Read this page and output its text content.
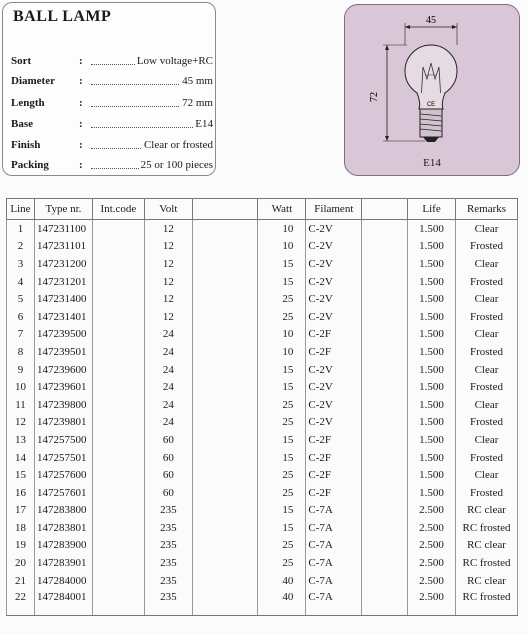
BALL LAMP
Sort	:	Low voltage+RC
Diameter :	45 mm
Length	:	72 mm
Base	:	E14
Finish	:	Clear or frosted
Packing	:	25 or 100 pieces
45
72
CE
E14
Line	Type nr.	Int.code	Volt		Watt	Filament		Life	Remarks
1	147231100		12		10	C-2V		1.500	Clear
2	147231101		12		10	C-2V		1.500	Frosted
3	147231200		12		15	C-2V		1.500	Clear
4	147231201		12		15	C-2V		1.500	Frosted
5	147231400		12		25	C-2V		1.500	Clear
6	147231401		12		25	C-2V		1.500	Frosted
7	147239500		24		10	C-2F		1.500	Clear
8	147239501		24		10	C-2F		1.500	Frosted
9	147239600		24		15	C-2V		1.500	Clear
10	147239601		24		15	C-2V		1.500	Frosted
11	147239800		24		25	C-2V		1.500	Clear
12	147239801		24		25	C-2V		1.500	Frosted
13	147257500		60		15	C-2F		1.500	Clear
14	147257501		60		15	C-2F		1.500	Frosted
15	147257600		60		25	C-2F		1.500	Clear
16	147257601		60		25	C-2F		1.500	Frosted
17	147283800		235		15	C-7A		2.500	RC clear
18	147283801		235		15	C-7A		2.500	RC frosted
19	147283900		235		25	C-7A		2.500	RC clear
20	147283901		235		25	C-7A		2.500	RC frosted
21	147284000		235		40	C-7A		2.500	RC clear
22	147284001		235		40	C-7A		2.500	RC frosted
